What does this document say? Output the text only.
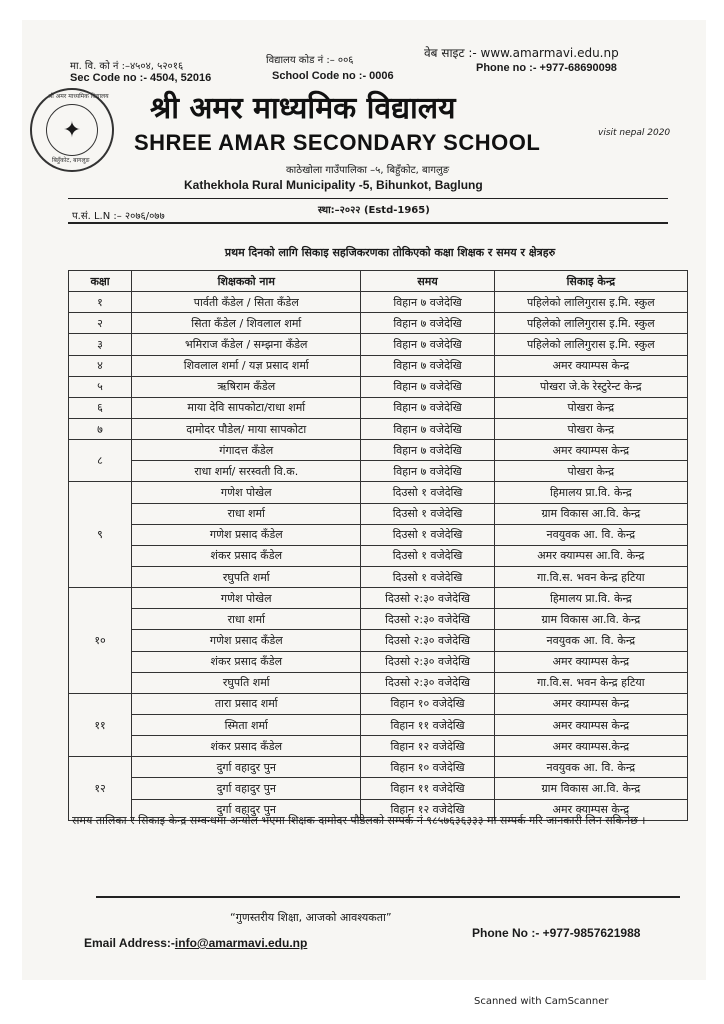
मा. वि. को नं :–४५०४, ५२०१६
Sec Code no :- 4504, 52016
विद्यालय कोड नं :– ००६
School Code no :- 0006
वेब साइट :- www.amarmavi.edu.np
Phone no :- +977-68690098
✦
श्री अमर माध्यमिक विद्यालय
बिहुँकोट, बागलुङ
श्री अमर माध्यमिक विद्यालय
SHREE AMAR SECONDARY SCHOOL
काठेखोला गाउँपालिका –५, बिहुँकोट, बागलुङ
Kathekhola Rural Municipality -5, Bihunkot, Baglung
visit nepal 2020
प.सं. L.N :– २०७६/०७७
स्था:–२०२२ (Estd-1965)
प्रथम दिनको लागि सिकाइ सहजिकरणका तोकिएको कक्षा शिक्षक र समय र क्षेत्रहरु
कक्षा	शिक्षकको नाम	समय	सिकाइ केन्द्र
१	पार्वती कँडेल / सिता कँडेल	विहान ७ वजेदेखि	पहिलेको लालिगुरास इ.मि. स्कुल
२	सिता कँडेल / शिवलाल शर्मा	विहान ७ वजेदेखि	पहिलेको लालिगुरास इ.मि. स्कुल
३	भमिराज कँडेल / सम्झना कँडेल	विहान ७ वजेदेखि	पहिलेको लालिगुरास इ.मि. स्कुल
४	शिवलाल शर्मा / यज्ञ प्रसाद शर्मा	विहान ७ वजेदेखि	अमर क्याम्पस केन्द्र
५	ऋषिराम कँडेल	विहान ७ वजेदेखि	पोखरा जे.के रेस्टुरेन्ट केन्द्र
६	माया देवि सापकोटा/राधा शर्मा	विहान ७ वजेदेखि	पोखरा केन्द्र
७	दामोदर पौडेल/ माया सापकोटा	विहान ७ वजेदेखि	पोखरा केन्द्र
८	गंगादत्त कँडेल	विहान ७ वजेदेखि	अमर क्याम्पस केन्द्र
	राधा शर्मा/ सरस्वती वि.क.	विहान ७ वजेदेखि	पोखरा केन्द्र
९	गणेश पोखेल	दिउसो १ वजेदेखि	हिमालय प्रा.वि. केन्द्र
	राधा शर्मा	दिउसो १ वजेदेखि	ग्राम विकास आ.वि. केन्द्र
	गणेश प्रसाद कँडेल	दिउसो १ वजेदेखि	नवयुवक आ. वि. केन्द्र
	शंकर प्रसाद कँडेल	दिउसो १ वजेदेखि	अमर क्याम्पस आ.वि. केन्द्र
	रघुपति शर्मा	दिउसो १ वजेदेखि	गा.वि.स. भवन केन्द्र हटिया
१०	गणेश पोखेल	दिउसो २:३० वजेदेखि	हिमालय प्रा.वि. केन्द्र
	राधा शर्मा	दिउसो २:३० वजेदेखि	ग्राम विकास आ.वि. केन्द्र
	गणेश प्रसाद कँडेल	दिउसो २:३० वजेदेखि	नवयुवक आ. वि. केन्द्र
	शंकर प्रसाद कँडेल	दिउसो २:३० वजेदेखि	अमर क्याम्पस केन्द्र
	रघुपति शर्मा	दिउसो २:३० वजेदेखि	गा.वि.स. भवन केन्द्र हटिया
११	तारा प्रसाद शर्मा	विहान १० वजेदेखि	अमर क्याम्पस केन्द्र
	स्मिता शर्मा	विहान ११ वजेदेखि	अमर क्याम्पस केन्द्र
	शंकर प्रसाद कँडेल	विहान १२ वजेदेखि	अमर क्याम्पस.केन्द्र
१२	दुर्गा वहादुर पुन	विहान १० वजेदेखि	नवयुवक आ. वि. केन्द्र
	दुर्गा वहादुर पुन	विहान ११ वजेदेखि	ग्राम विकास आ.वि. केन्द्र
	दुर्गा वहादुर पुन	विहान १२ वजेदेखि	अमर क्याम्पस केन्द्र
समय तालिका र सिकाइ केन्द्र सम्वन्धमा अन्योल भएमा शिक्षक दामोदर पौडेलको सम्पर्क नं ९८५७६३६३३३ मा सम्पर्क गरि जानकारी लिन सकिनेछ ।
“गुणस्तरीय शिक्षा, आजको आवश्यकता”
Email Address:-info@amarmavi.edu.np
Phone No :- +977-9857621988
Scanned with CamScanner
